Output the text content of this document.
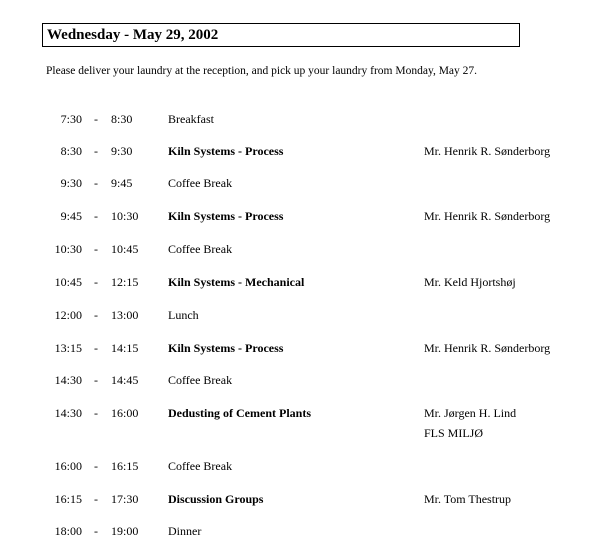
Wednesday - May 29, 2002
Please deliver your laundry at the reception, and pick up your laundry from Monday, May 27.
7:30 - 8:30	Breakfast
8:30 - 9:30	Kiln Systems - Process	Mr. Henrik R. Sønderborg
9:30 - 9:45	Coffee Break
9:45 - 10:30 Kiln Systems - Process	Mr. Henrik R. Sønderborg
10:30 - 10:45 Coffee Break
10:45 - 12:15 Kiln Systems - Mechanical	Mr. Keld Hjortshøj
12:00 - 13:00 Lunch
13:15 - 14:15 Kiln Systems - Process	Mr. Henrik R. Sønderborg
14:30 - 14:45 Coffee Break
14:30 - 16:00 Dedusting of Cement Plants	Mr. Jørgen H. Lind
FLS MILJØ
16:00 - 16:15 Coffee Break
16:15 - 17:30 Discussion Groups	Mr. Tom Thestrup
18:00 - 19:00 Dinner
